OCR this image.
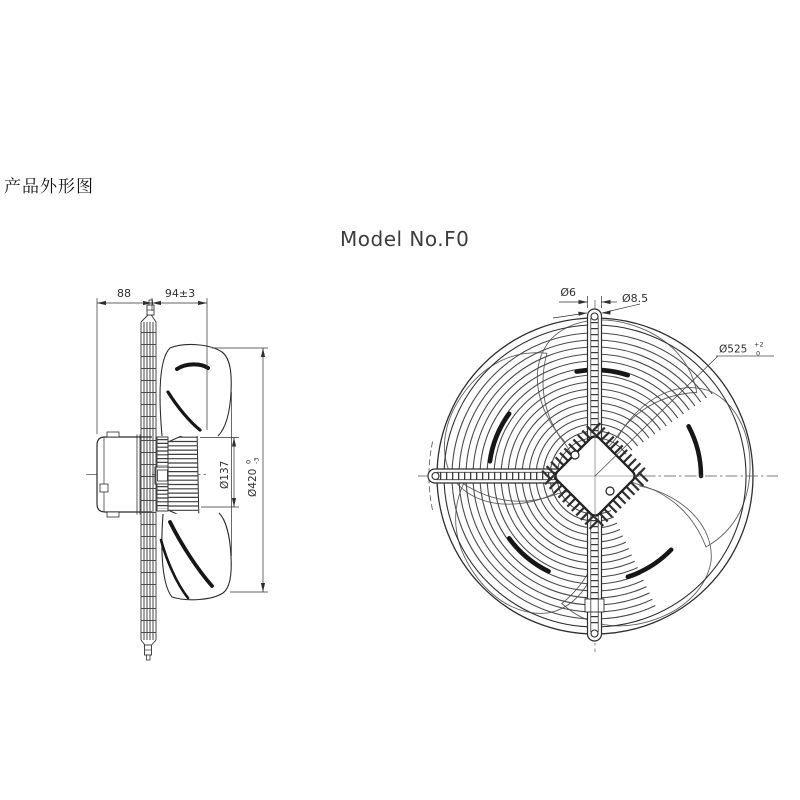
产品外形图
Model No.F0
88	94±3
Ø137 Ø420
0 -3
Ø525 +2
0
Ø6	Ø8.5
